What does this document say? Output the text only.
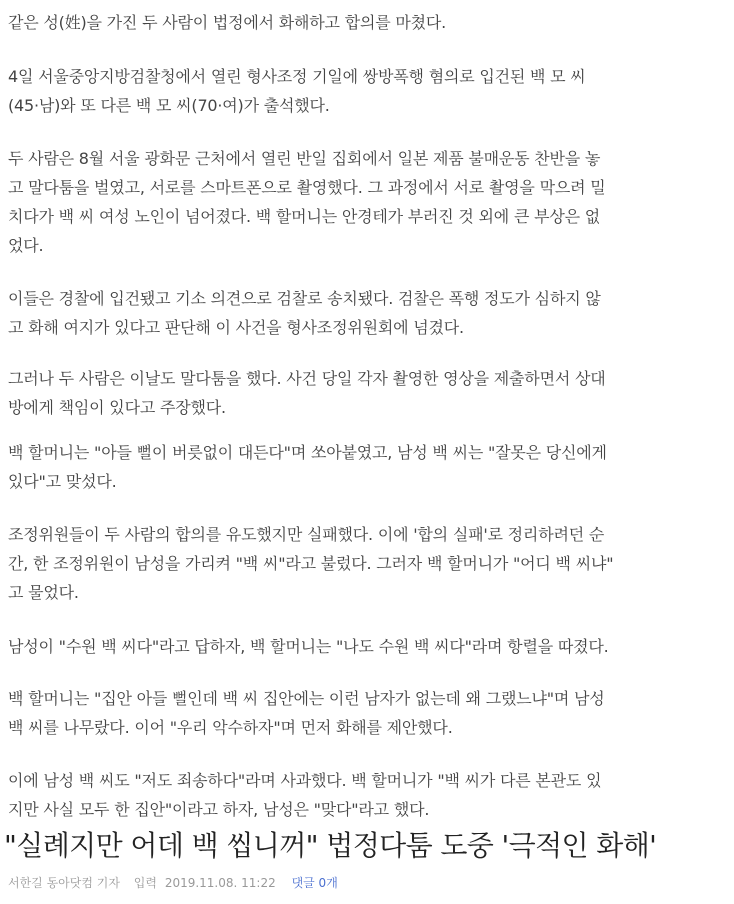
같은 성(姓)을 가진 두 사람이 법정에서 화해하고 합의를 마쳤다.

4일 서울중앙지방검찰청에서 열린 형사조정 기일에 쌍방폭행 혐의로 입건된 백 모 씨
(45·남)와 또 다른 백 모 씨(70·여)가 출석했다.

두 사람은 8월 서울 광화문 근처에서 열린 반일 집회에서 일본 제품 불매운동 찬반을 놓
고 말다툼을 벌였고, 서로를 스마트폰으로 촬영했다. 그 과정에서 서로 촬영을 막으려 밀
치다가 백 씨 여성 노인이 넘어졌다. 백 할머니는 안경테가 부러진 것 외에 큰 부상은 없
었다.

이들은 경찰에 입건됐고 기소 의견으로 검찰로 송치됐다. 검찰은 폭행 정도가 심하지 않
고 화해 여지가 있다고 판단해 이 사건을 형사조정위원회에 넘겼다.

그러나 두 사람은 이날도 말다툼을 했다. 사건 당일 각자 촬영한 영상을 제출하면서 상대
방에게 책임이 있다고 주장했다.

백 할머니는 "아들 뻘이 버릇없이 대든다"며 쏘아붙였고, 남성 백 씨는 "잘못은 당신에게
있다"고 맞섰다.

조정위원들이 두 사람의 합의를 유도했지만 실패했다. 이에 '합의 실패'로 정리하려던 순
간, 한 조정위원이 남성을 가리켜 "백 씨"라고 불렀다. 그러자 백 할머니가 "어디 백 씨냐"
고 물었다.

남성이 "수원 백 씨다"라고 답하자, 백 할머니는 "나도 수원 백 씨다"라며 항렬을 따졌다.

백 할머니는 "집안 아들 뻘인데 백 씨 집안에는 이런 남자가 없는데 왜 그랬느냐"며 남성
백 씨를 나무랐다. 이어 "우리 악수하자"며 먼저 화해를 제안했다.

이에 남성 백 씨도 "저도 죄송하다"라며 사과했다. 백 할머니가 "백 씨가 다른 본관도 있
지만 사실 모두 한 집안"이라고 하자, 남성은 "맞다"라고 했다.

"실례지만 어데 백 씹니꺼" 법정다툼 도중 '극적인 화해'
서한길 동아닷컴 기자 입력 2019.11.08. 11:22 댓글 0개
